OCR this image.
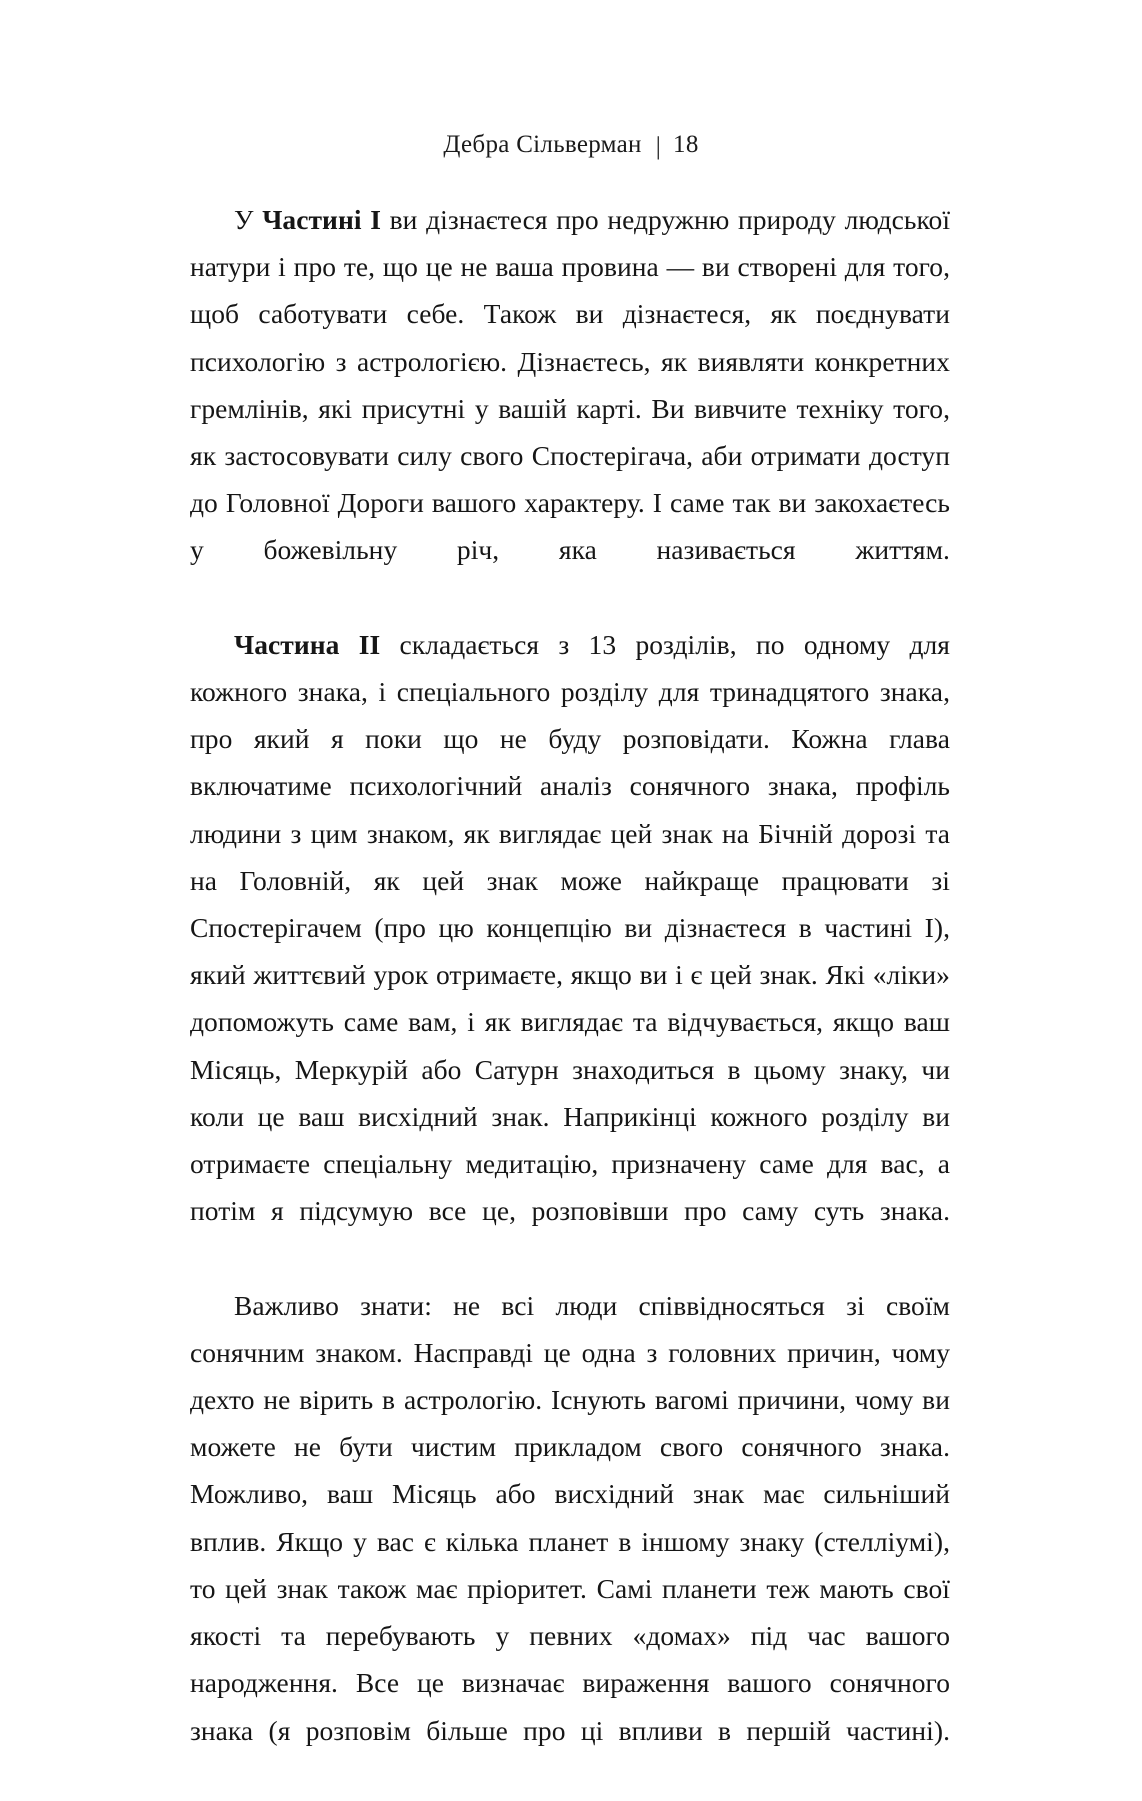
Дебра Сільверман | 18

У Частині I ви дізнаєтеся про недружню природу людської натури і про те, що це не ваша провина — ви створені для того, щоб саботувати себе. Також ви дізнаєтеся, як поєднувати психологію з астрологією. Дізнаєтесь, як виявляти конкретних гремлінів, які присутні у вашій карті. Ви вивчите техніку того, як застосовувати силу свого Спостерігача, аби отримати доступ до Головної Дороги вашого характеру. І саме так ви закохаєтесь у божевільну річ, яка називається життям.

Частина II складається з 13 розділів, по одному для кожного знака, і спеціального розділу для тринадцятого знака, про який я поки що не буду розповідати. Кожна глава включатиме психологічний аналіз сонячного знака, профіль людини з цим знаком, як виглядає цей знак на Бічній дорозі та на Головній, як цей знак може найкраще працювати зі Спостерігачем (про цю концепцію ви дізнаєтеся в частині I), який життєвий урок отримаєте, якщо ви і є цей знак. Які «ліки» допоможуть саме вам, і як виглядає та відчувається, якщо ваш Місяць, Меркурій або Сатурн знаходиться в цьому знаку, чи коли це ваш висхідний знак. Наприкінці кожного розділу ви отримаєте спеціальну медитацію, призначену саме для вас, а потім я підсумую все це, розповівши про саму суть знака.

Важливо знати: не всі люди співвідносяться зі своїм сонячним знаком. Насправді це одна з головних причин, чому дехто не вірить в астрологію. Існують вагомі причини, чому ви можете не бути чистим прикладом свого сонячного знака. Можливо, ваш Місяць або висхідний знак має сильніший вплив. Якщо у вас є кілька планет в іншому знаку (стелліумі), то цей знак також має пріоритет. Самі планети теж мають свої якості та перебувають у певних «домах» під час вашого народження. Все це визначає вираження вашого сонячного знака (я розповім більше про ці впливи в першій частині).
